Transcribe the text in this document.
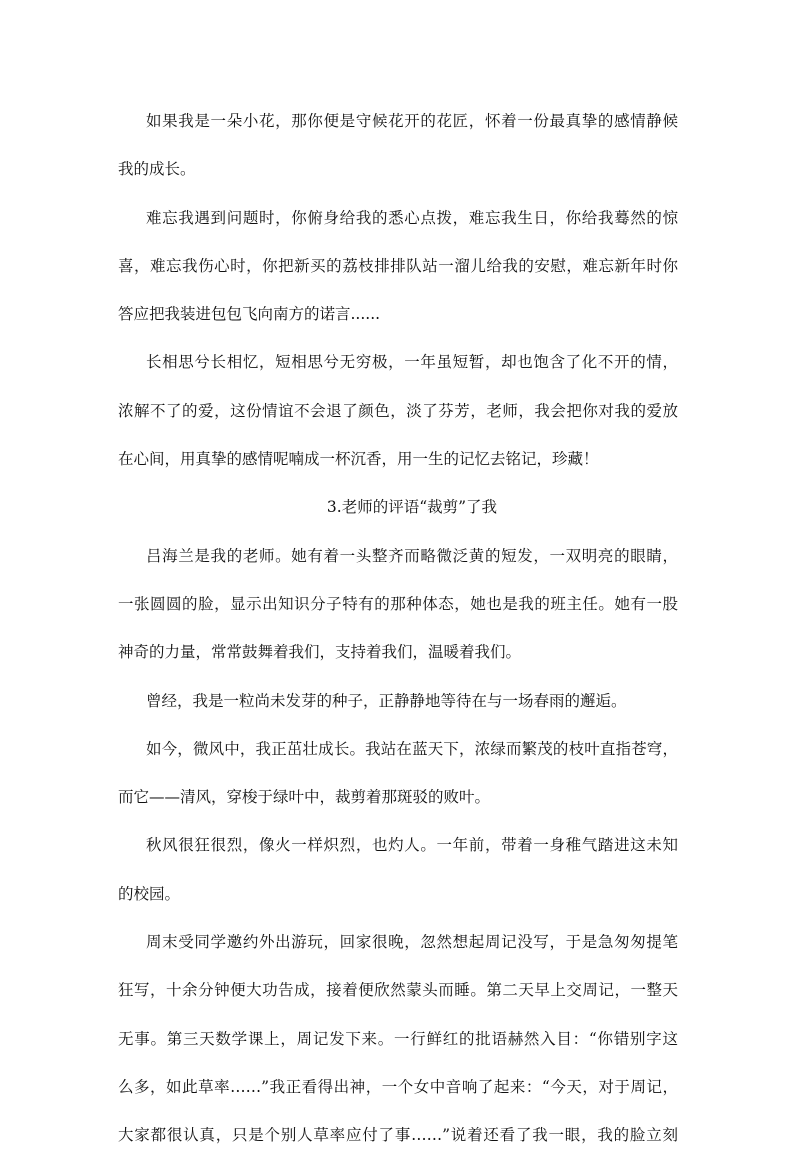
如果我是一朵小花，那你便是守候花开的花匠，怀着一份最真挚的感情静候
我的成长。
难忘我遇到问题时，你俯身给我的悉心点拨，难忘我生日，你给我蓦然的惊
喜，难忘我伤心时，你把新买的荔枝排排队站一溜儿给我的安慰，难忘新年时你
答应把我装进包包飞向南方的诺言......
长相思兮长相忆，短相思兮无穷极，一年虽短暂，却也饱含了化不开的情，
浓解不了的爱，这份情谊不会退了颜色，淡了芬芳，老师，我会把你对我的爱放
在心间，用真挚的感情呢喃成一杯沉香，用一生的记忆去铭记，珍藏！
3.老师的评语“裁剪”了我
吕海兰是我的老师。她有着一头整齐而略微泛黄的短发，一双明亮的眼睛，
一张圆圆的脸，显示出知识分子特有的那种体态，她也是我的班主任。她有一股
神奇的力量，常常鼓舞着我们，支持着我们，温暖着我们。
曾经，我是一粒尚未发芽的种子，正静静地等待在与一场春雨的邂逅。
如今，微风中，我正茁壮成长。我站在蓝天下，浓绿而繁茂的枝叶直指苍穹，
而它——清风，穿梭于绿叶中，裁剪着那斑驳的败叶。
秋风很狂很烈，像火一样炽烈，也灼人。一年前，带着一身稚气踏进这未知
的校园。
周末受同学邀约外出游玩，回家很晚，忽然想起周记没写，于是急匆匆提笔
狂写，十余分钟便大功告成，接着便欣然蒙头而睡。第二天早上交周记，一整天
无事。第三天数学课上，周记发下来。一行鲜红的批语赫然入目：“你错别字这
么多，如此草率……”我正看得出神，一个女中音响了起来：“今天，对于周记，
大家都很认真，只是个别人草率应付了事……”说着还看了我一眼，我的脸立刻
